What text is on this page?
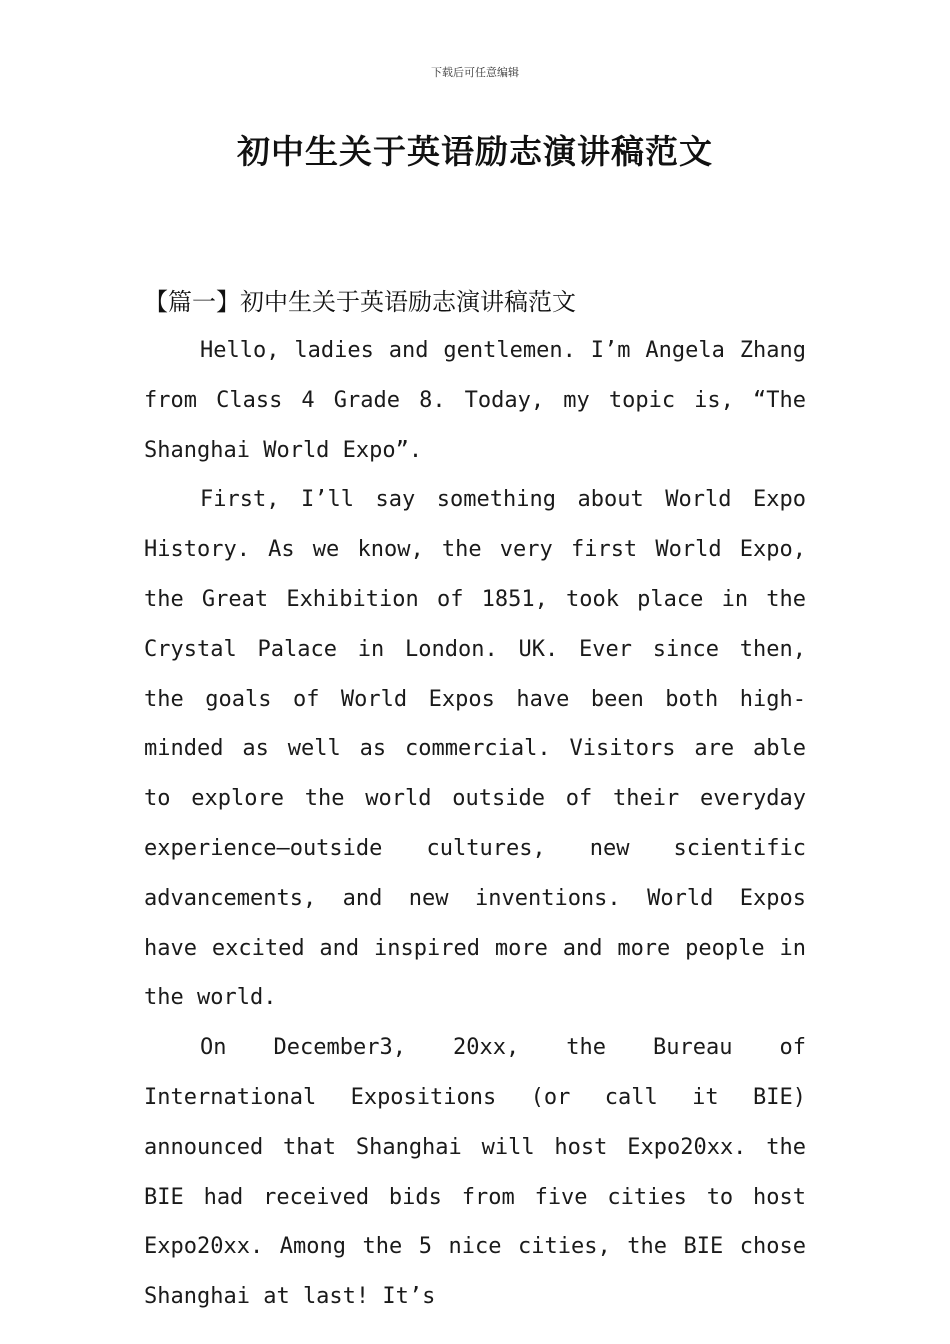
下载后可任意编辑
初中生关于英语励志演讲稿范文
【篇一】初中生关于英语励志演讲稿范文

Hello, ladies and gentlemen. I’m Angela Zhang from Class 4 Grade 8. Today, my topic is, “The Shanghai World Expo”.

First, I’ll say something about World Expo History. As we know, the very first World Expo, the Great Exhibition of 1851, took place in the Crystal Palace in London. UK. Ever since then, the goals of World Expos have been both high-minded as well as commercial. Visitors are able to explore the world outside of their everyday experience—outside cultures, new scientific advancements, and new inventions. World Expos have excited and inspired more and more people in the world.

On December3, 20xx, the Bureau of International Expositions (or call it BIE) announced that Shanghai will host Expo20xx. the BIE had received bids from five cities to host Expo20xx. Among the 5 nice cities, the BIE chose Shanghai at last! It’s
